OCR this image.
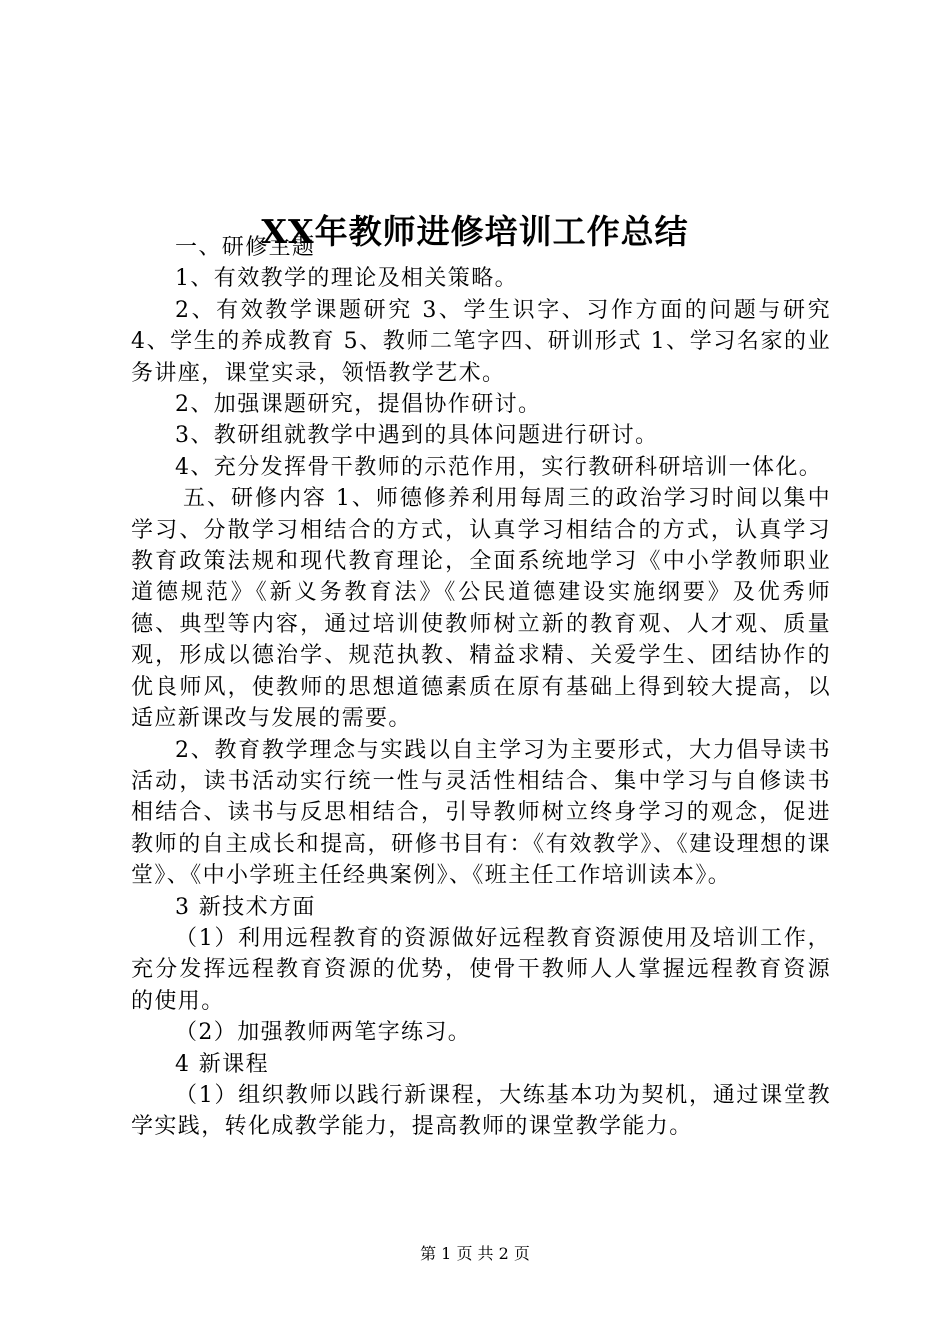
XX年教师进修培训工作总结

一、研修主题

1、有效教学的理论及相关策略。

2、有效教学课题研究 3、学生识字、习作方面的问题与研究 4、学生的养成教育 5、教师二笔字四、研训形式 1、学习名家的业务讲座，课堂实录，领悟教学艺术。

2、加强课题研究，提倡协作研讨。

3、教研组就教学中遇到的具体问题进行研讨。

4、充分发挥骨干教师的示范作用，实行教研科研培训一体化。

五、研修内容 1、师德修养利用每周三的政治学习时间以集中学习、分散学习相结合的方式，认真学习相结合的方式，认真学习教育政策法规和现代教育理论，全面系统地学习《中小学教师职业道德规范》《新义务教育法》《公民道德建设实施纲要》及优秀师德、典型等内容，通过培训使教师树立新的教育观、人才观、质量观，形成以德治学、规范执教、精益求精、关爱学生、团结协作的优良师风，使教师的思想道德素质在原有基础上得到较大提高，以适应新课改与发展的需要。

2、教育教学理念与实践以自主学习为主要形式，大力倡导读书活动，读书活动实行统一性与灵活性相结合、集中学习与自修读书相结合、读书与反思相结合，引导教师树立终身学习的观念，促进教师的自主成长和提高，研修书目有：《有效教学》、《建设理想的课堂》、《中小学班主任经典案例》、《班主任工作培训读本》。

3 新技术方面

（1）利用远程教育的资源做好远程教育资源使用及培训工作，充分发挥远程教育资源的优势，使骨干教师人人掌握远程教育资源的使用。

（2）加强教师两笔字练习。

4 新课程

（1）组织教师以践行新课程，大练基本功为契机，通过课堂教学实践，转化成教学能力，提高教师的课堂教学能力。

第 1 页 共 2 页
